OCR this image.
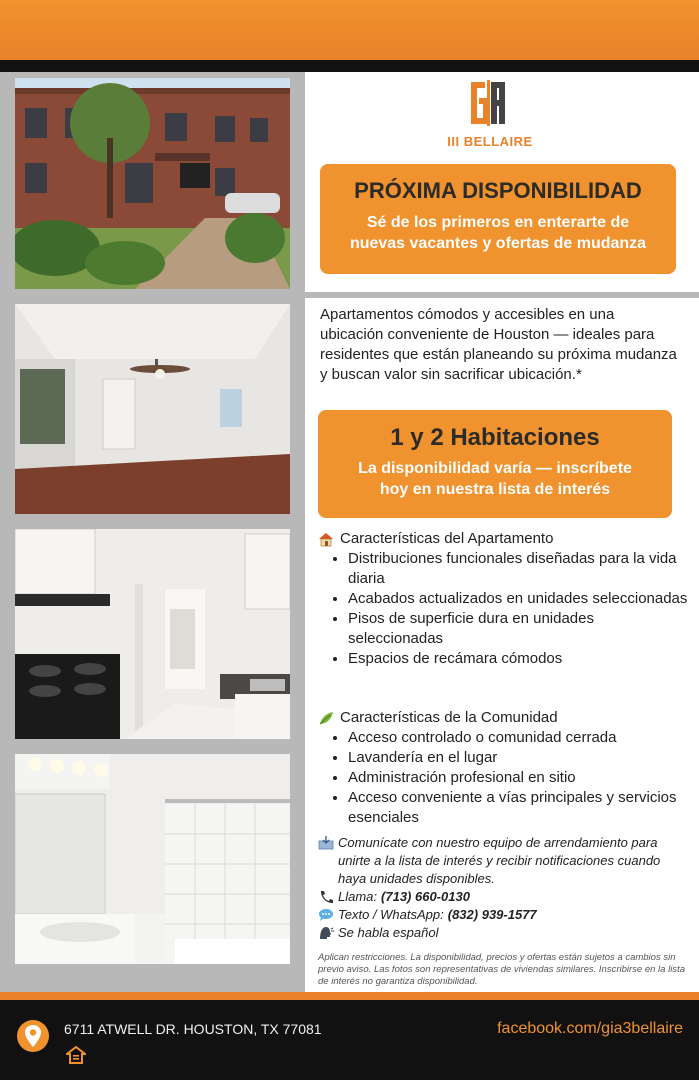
III BELLAIRE
PRÓXIMA DISPONIBILIDAD
Sé de los primeros en enterarte de
nuevas vacantes y ofertas de mudanza
Apartamentos cómodos y accesibles en una ubicación conveniente de Houston — ideales para residentes que están planeando su próxima mudanza y buscan valor sin sacrificar ubicación.*
1 y 2 Habitaciones
La disponibilidad varía — inscríbete
hoy en nuestra lista de interés
Características del Apartamento
• Distribuciones funcionales diseñadas para la vida diaria
• Acabados actualizados en unidades seleccionadas
• Pisos de superficie dura en unidades seleccionadas
• Espacios de recámara cómodos
Características de la Comunidad
• Acceso controlado o comunidad cerrada
• Lavandería en el lugar
• Administración profesional en sitio
• Acceso conveniente a vías principales y servicios esenciales
Comunícate con nuestro equipo de arrendamiento para unirte a la lista de interés y recibir notificaciones cuando haya unidades disponibles.
Llama: (713) 660-0130
Texto / WhatsApp: (832) 939-1577
Se habla español
Aplican restricciones. La disponibilidad, precios y ofertas están sujetos a cambios sin previo aviso. Las fotos son representativas de viviendas similares. Inscribirse en la lista de interés no garantiza disponibilidad.
6711 ATWELL DR. HOUSTON, TX 77081	facebook.com/gia3bellaire
